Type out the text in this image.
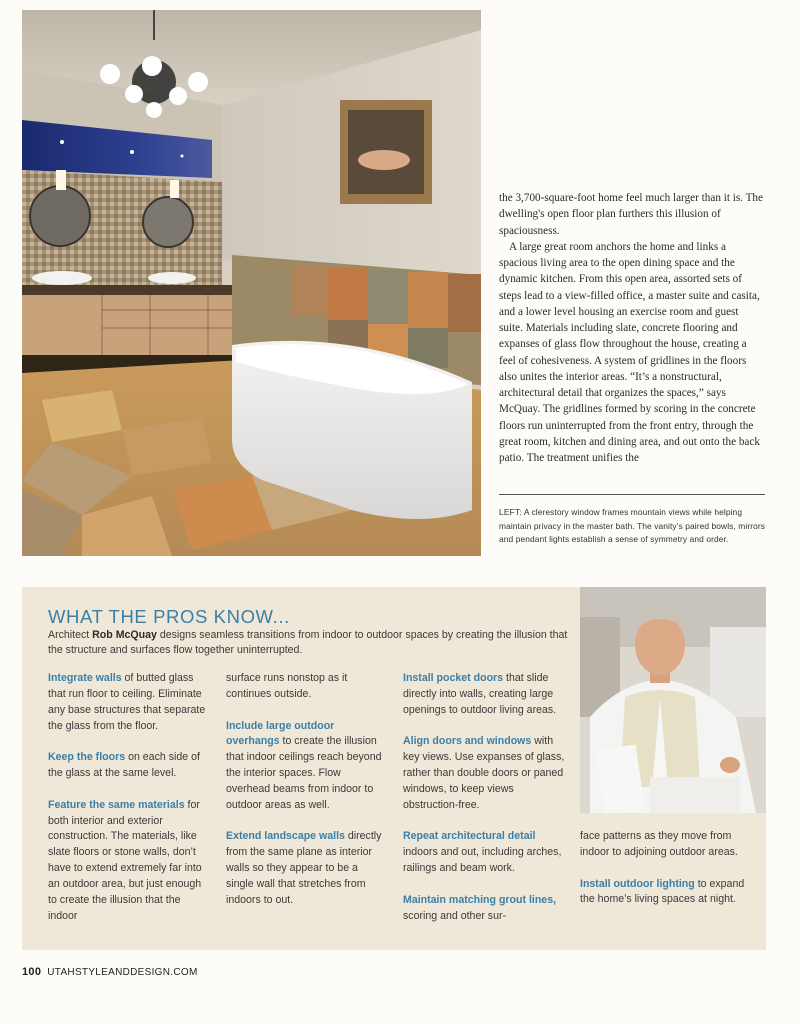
the 3,700-square-foot home feel much larger than it is. The dwelling's open floor plan furthers this illusion of spaciousness.

A large great room anchors the home and links a spacious living area to the open dining space and the dynamic kitchen. From this open area, assorted sets of steps lead to a view-filled office, a master suite and casita, and a lower level housing an exercise room and guest suite. Materials including slate, concrete flooring and expanses of glass flow throughout the house, creating a feel of cohesiveness. A system of gridlines in the floors also unites the interior areas. “It’s a nonstructural, architectural detail that organizes the spaces,” says McQuay. The gridlines formed by scoring in the concrete floors run uninterrupted from the front entry, through the great room, kitchen and dining area, and out onto the back patio. The treatment unifies the

LEFT: A clerestory window frames mountain views while helping maintain privacy in the master bath. The vanity’s paired bowls, mirrors and pendant lights establish a sense of symmetry and order.
WHAT THE PROS KNOW...
Architect Rob McQuay designs seamless transitions from indoor to outdoor spaces by creating the illusion that the structure and surfaces flow together uninterrupted.

Integrate walls of butted glass that run floor to ceiling. Eliminate any base structures that separate the glass from the floor.

Keep the floors on each side of the glass at the same level.

Feature the same materials for both interior and exterior construction. The materials, like slate floors or stone walls, don’t have to extend extremely far into an outdoor area, but just enough to create the illusion that the indoor

surface runs nonstop as it continues outside.

Include large outdoor overhangs to create the illusion that indoor ceilings reach beyond the interior spaces. Flow overhead beams from indoor to outdoor areas as well.

Extend landscape walls directly from the same plane as interior walls so they appear to be a single wall that stretches from indoors to out.

Install pocket doors that slide directly into walls, creating large openings to outdoor living areas.

Align doors and windows with key views. Use expanses of glass, rather than double doors or paned windows, to keep views obstruction-free.

Repeat architectural detail indoors and out, including arches, railings and beam work.

Maintain matching grout lines, scoring and other sur-

face patterns as they move from indoor to adjoining outdoor areas.

Install outdoor lighting to expand the home’s living spaces at night.

100 UTAHSTYLEANDDESIGN.COM
